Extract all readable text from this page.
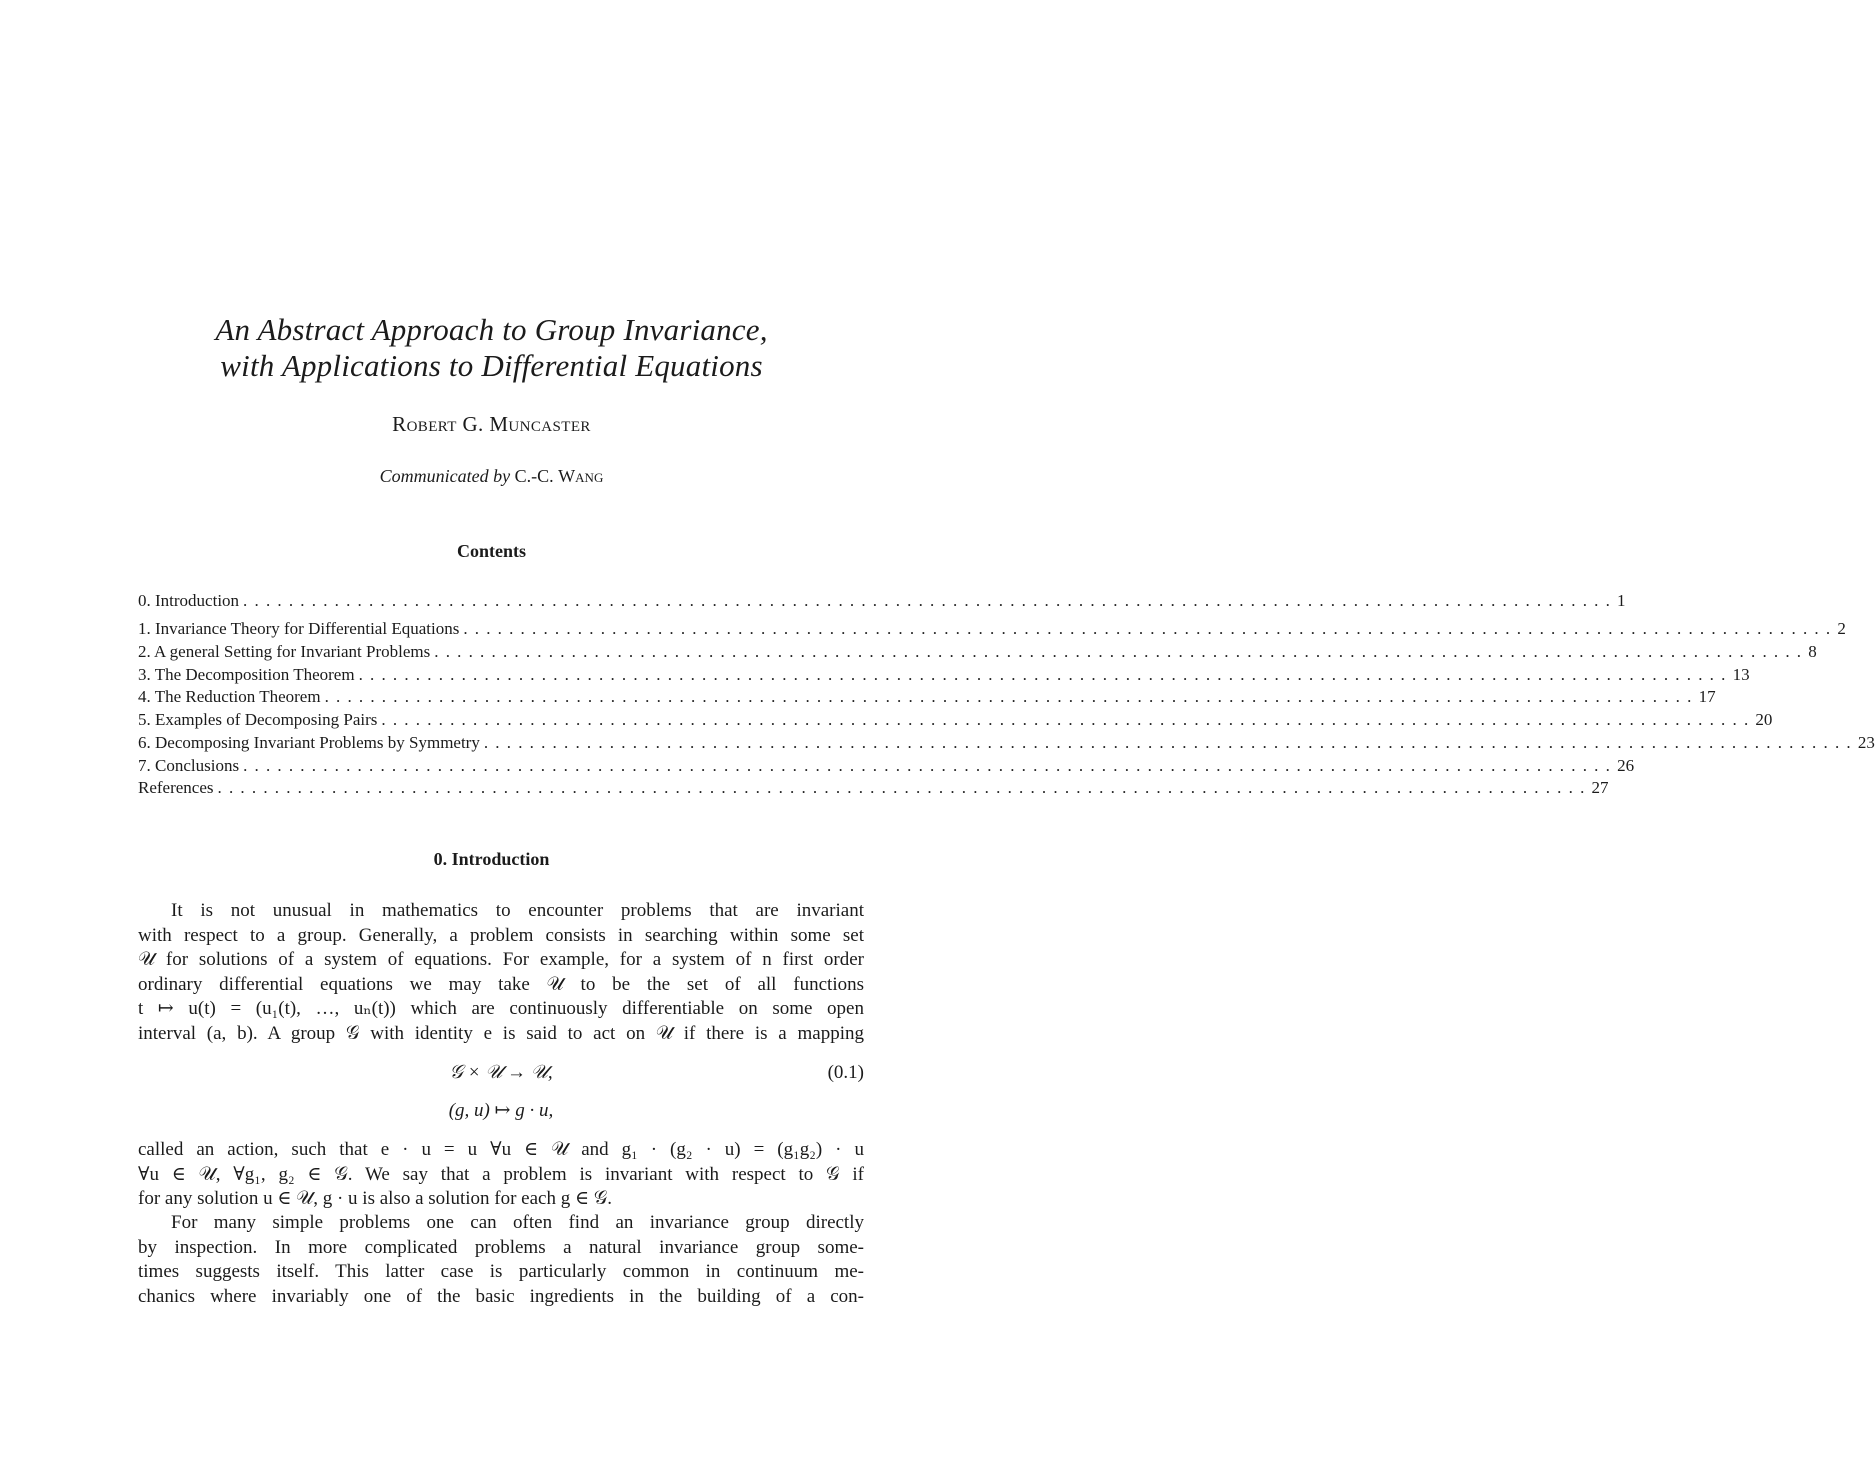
An Abstract Approach to Group Invariance,
with Applications to Differential Equations
Robert G. Muncaster
Communicated by C.-C. Wang
Contents
0. Introduction ........................................................................................................................ 1
1. Invariance Theory for Differential Equations ........................................................................................................................ 2
2. A general Setting for Invariant Problems ........................................................................................................................ 8
3. The Decomposition Theorem ........................................................................................................................ 13
4. The Reduction Theorem ........................................................................................................................ 17
5. Examples of Decomposing Pairs ........................................................................................................................ 20
6. Decomposing Invariant Problems by Symmetry ........................................................................................................................ 23
7. Conclusions ........................................................................................................................ 26
References ........................................................................................................................ 27
0. Introduction
It is not unusual in mathematics to encounter problems that are invariant
with respect to a group. Generally, a problem consists in searching within some set
𝒰 for solutions of a system of equations. For example, for a system of n first order
ordinary differential equations we may take 𝒰 to be the set of all functions
t ↦ u(t) = (u₁(t), …, uₙ(t)) which are continuously differentiable on some open
interval (a, b). A group 𝒢 with identity e is said to act on 𝒰 if there is a mapping
𝒢 × 𝒰 → 𝒰,	(0.1)
(g, u) ↦ g · u,
called an action, such that e · u = u ∀u ∈ 𝒰 and g₁ · (g₂ · u) = (g₁g₂) · u
∀u ∈ 𝒰, ∀g₁, g₂ ∈ 𝒢. We say that a problem is invariant with respect to 𝒢 if
for any solution u ∈ 𝒰, g · u is also a solution for each g ∈ 𝒢.
For many simple problems one can often find an invariance group directly
by inspection. In more complicated problems a natural invariance group some-
times suggests itself. This latter case is particularly common in continuum me-
chanics where invariably one of the basic ingredients in the building of a con-
